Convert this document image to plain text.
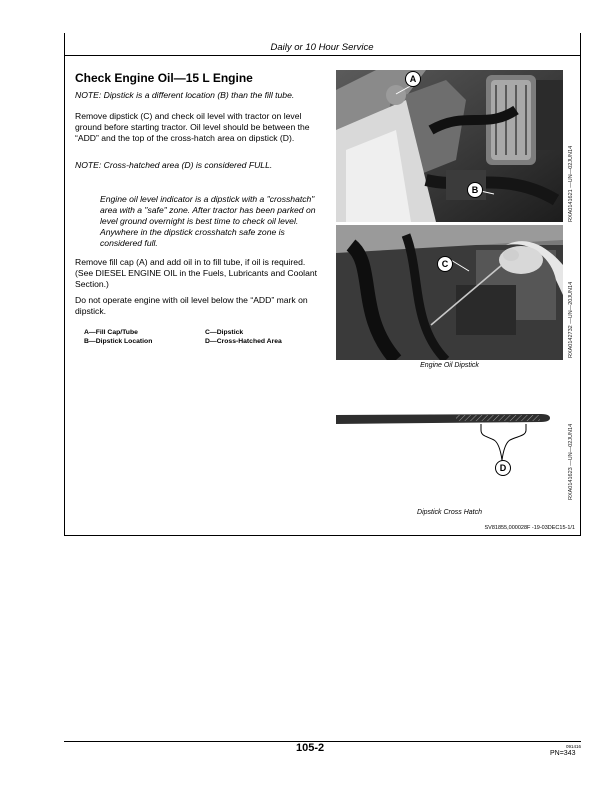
Daily or 10 Hour Service
Check Engine Oil—15 L Engine
NOTE: Dipstick is a different location (B) than the fill tube.
Remove dipstick (C) and check oil level with tractor on level ground before starting tractor. Oil level should be between the “ADD” and the top of the cross-hatch area on dipstick (D).
NOTE: Cross-hatched area (D) is considered FULL.
Engine oil level indicator is a dipstick with a "crosshatch" area with a "safe" zone. After tractor has been parked on level ground overnight is best time to check oil level. Anywhere in the dipstick crosshatch safe zone is considered full.
Remove fill cap (A) and add oil in to fill tube, if oil is required. (See DIESEL ENGINE OIL in the Fuels, Lubricants and Coolant Section.)
Do not operate engine with oil level below the “ADD” mark on dipstick.
A—Fill Cap/Tube
B—Dipstick Location
C—Dipstick
D—Cross-Hatched Area
A
B	RXA0141621 —UN—02JUN14
C
RXA0142732 —UN—20JUN14
Engine Oil Dipstick
D	RXA0141623 —UN—02JUN14
Dipstick Cross Hatch
SV81855,000028F -19-03DEC15-1/1
105-2	091416
PN=343
